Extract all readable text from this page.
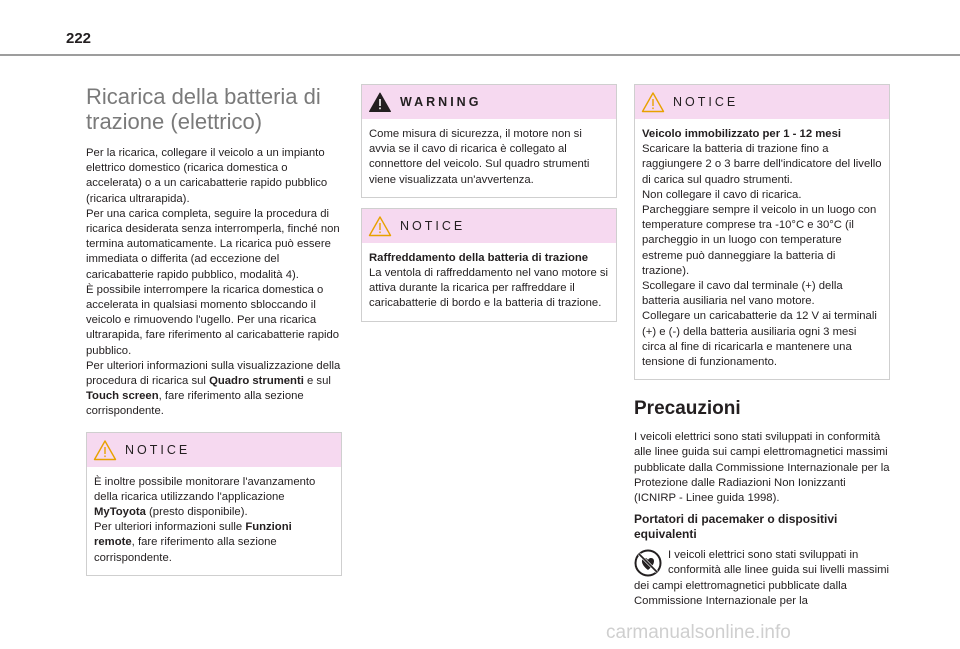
222
Ricarica della batteria di
trazione (elettrico)

Per la ricarica, collegare il veicolo a un impianto elettrico domestico (ricarica domestica o accelerata) o a un caricabatterie rapido pubblico (ricarica ultrarapida).

Per una carica completa, seguire la procedura di ricarica desiderata senza interromperla, finché non termina automaticamente. La ricarica può essere immediata o differita (ad eccezione del caricabatterie rapido pubblico, modalità 4).

È possibile interrompere la ricarica domestica o accelerata in qualsiasi momento sbloccando il veicolo e rimuovendo l'ugello. Per una ricarica ultrarapida, fare riferimento al caricabatterie rapido pubblico.

Per ulteriori informazioni sulla visualizzazione della procedura di ricarica sul Quadro strumenti e sul Touch screen, fare riferimento alla sezione corrispondente.

NOTICE

È inoltre possibile monitorare l'avanzamento della ricarica utilizzando l'applicazione MyToyota (presto disponibile).

Per ulteriori informazioni sulle Funzioni remote, fare riferimento alla sezione corrispondente.

WARNING

Come misura di sicurezza, il motore non si avvia se il cavo di ricarica è collegato al connettore del veicolo. Sul quadro strumenti viene visualizzata un'avvertenza.

NOTICE

Raffreddamento della batteria di trazione

La ventola di raffreddamento nel vano motore si attiva durante la ricarica per raffreddare il caricabatterie di bordo e la batteria di trazione.

NOTICE

Veicolo immobilizzato per 1 - 12 mesi

Scaricare la batteria di trazione fino a raggiungere 2 o 3 barre dell'indicatore del livello di carica sul quadro strumenti.

Non collegare il cavo di ricarica.

Parcheggiare sempre il veicolo in un luogo con temperature comprese tra -10°C e 30°C (il parcheggio in un luogo con temperature estreme può danneggiare la batteria di trazione).

Scollegare il cavo dal terminale (+) della batteria ausiliaria nel vano motore.

Collegare un caricabatterie da 12 V ai terminali (+) e (-) della batteria ausiliaria ogni 3 mesi circa al fine di ricaricarla e mantenere una tensione di funzionamento.

Precauzioni

I veicoli elettrici sono stati sviluppati in conformità alle linee guida sui campi elettromagnetici massimi pubblicate dalla Commissione Internazionale per la Protezione dalle Radiazioni Non Ionizzanti (ICNIRP - Linee guida 1998).

Portatori di pacemaker o dispositivi equivalenti

I veicoli elettrici sono stati sviluppati in conformità alle linee guida sui livelli massimi dei campi elettromagnetici pubblicate dalla Commissione Internazionale per la

carmanualsonline.info
